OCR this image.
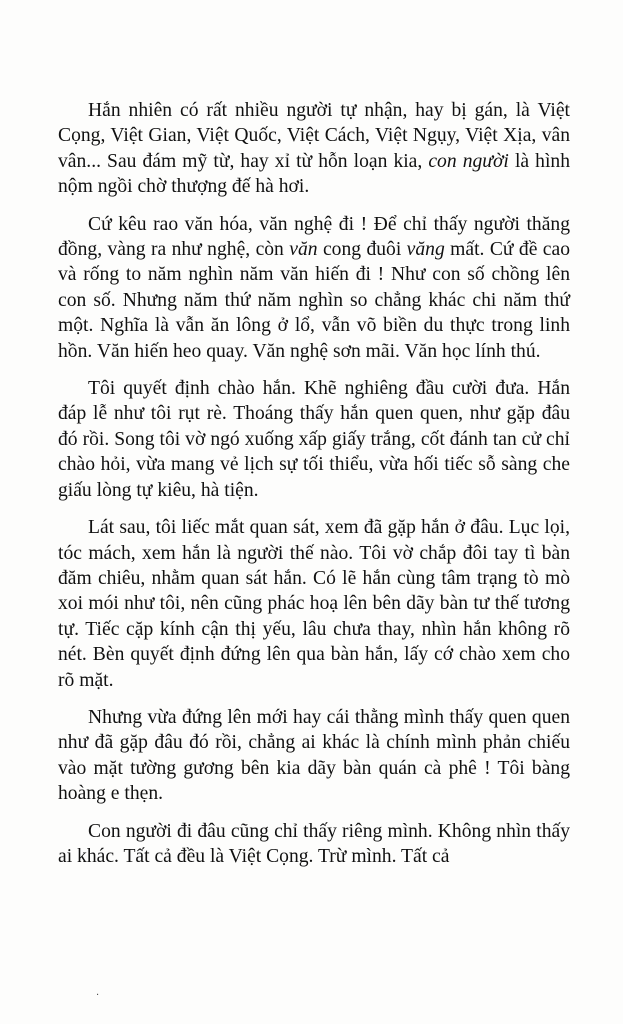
Hắn nhiên có rất nhiều người tự nhận, hay bị gán, là Việt Cọng, Việt Gian, Việt Quốc, Việt Cách, Việt Ngụy, Việt Xịa, vân vân... Sau đám mỹ từ, hay xỉ từ hỗn loạn kia, con người là hình nộm ngồi chờ thượng đế hà hơi.

Cứ kêu rao văn hóa, văn nghệ đi ! Để chỉ thấy người thăng đồng, vàng ra như nghệ, còn văn cong đuôi văng mất. Cứ đề cao và rống to năm nghìn năm văn hiến đi ! Như con số chồng lên con số. Nhưng năm thứ năm nghìn so chẳng khác chi năm thứ một. Nghĩa là vẫn ăn lông ở lổ, vẫn võ biền du thực trong linh hồn. Văn hiến heo quay. Văn nghệ sơn mãi. Văn học lính thú.

Tôi quyết định chào hắn. Khẽ nghiêng đầu cười đưa. Hắn đáp lễ như tôi rụt rè. Thoáng thấy hắn quen quen, như gặp đâu đó rồi. Song tôi vờ ngó xuống xấp giấy trắng, cốt đánh tan cử chỉ chào hỏi, vừa mang vẻ lịch sự tối thiểu, vừa hối tiếc sỗ sàng che giấu lòng tự kiêu, hà tiện.

Lát sau, tôi liếc mắt quan sát, xem đã gặp hắn ở đâu. Lục lọi, tóc mách, xem hắn là người thế nào. Tôi vờ chắp đôi tay tì bàn đăm chiêu, nhằm quan sát hắn. Có lẽ hắn cùng tâm trạng tò mò xoi mói như tôi, nên cũng phác hoạ lên bên dãy bàn tư thế tương tự. Tiếc cặp kính cận thị yếu, lâu chưa thay, nhìn hắn không rõ nét. Bèn quyết định đứng lên qua bàn hắn, lấy cớ chào xem cho rõ mặt.

Nhưng vừa đứng lên mới hay cái thằng mình thấy quen quen như đã gặp đâu đó rồi, chẳng ai khác là chính mình phản chiếu vào mặt tường gương bên kia dãy bàn quán cà phê ! Tôi bàng hoàng e thẹn.

Con người đi đâu cũng chỉ thấy riêng mình. Không nhìn thấy ai khác. Tất cả đều là Việt Cọng. Trừ mình. Tất cả

·
